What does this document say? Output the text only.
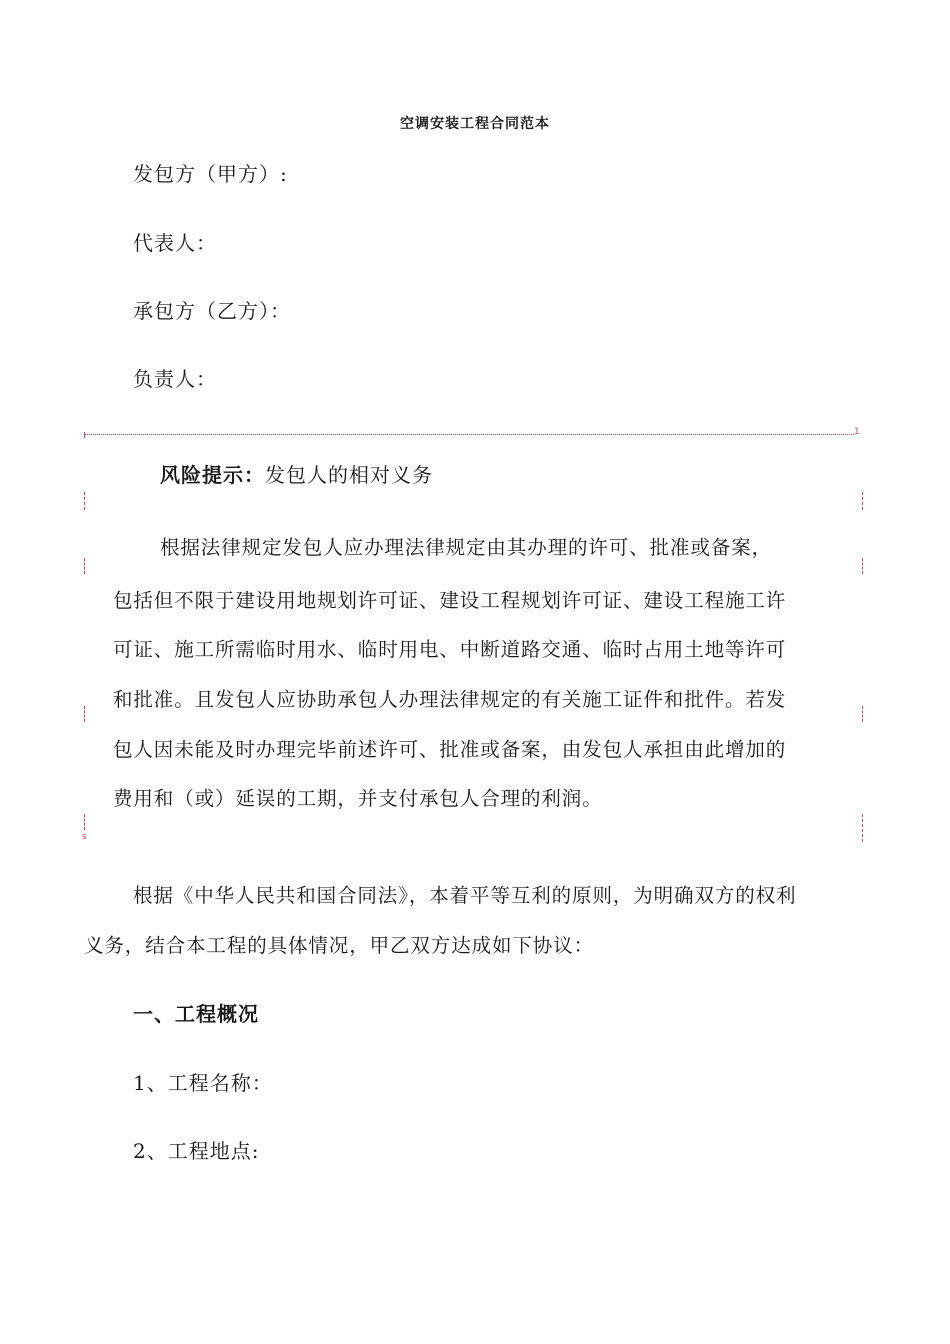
空调安装工程合同范本
发包方（甲方）:
代表人：
承包方（乙方）：
负责人：
1
s
风险提示：发包人的相对义务
根据法律规定发包人应办理法律规定由其办理的许可、批准或备案，
包括但不限于建设用地规划许可证、建设工程规划许可证、建设工程施工许
可证、施工所需临时用水、临时用电、中断道路交通、临时占用土地等许可
和批准。且发包人应协助承包人办理法律规定的有关施工证件和批件。若发
包人因未能及时办理完毕前述许可、批准或备案，由发包人承担由此增加的
费用和（或）延误的工期，并支付承包人合理的利润。
根据《中华人民共和国合同法》，本着平等互利的原则，为明确双方的权利
义务，结合本工程的具体情况，甲乙双方达成如下协议：
一、工程概况
1、工程名称：
2、工程地点:
